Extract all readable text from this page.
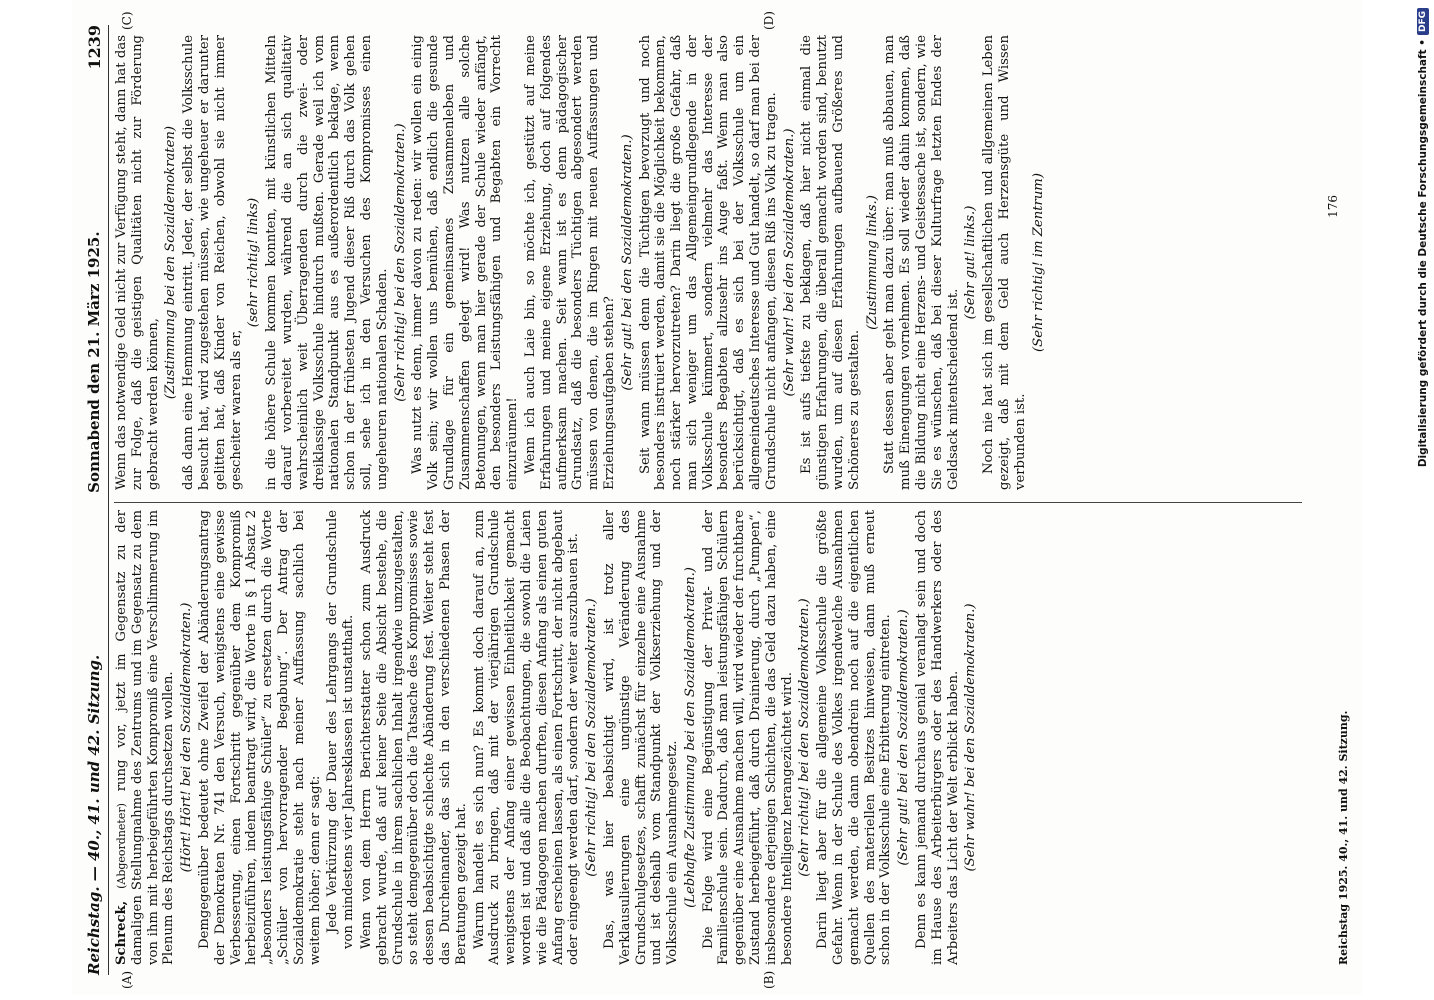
Reichstag. — 40., 41. und 42. Sitzung.
Sonnabend den 21. März 1925.
1239
(A)	(B)
(C)	(D)

Schreck, (Abgeordneter) rung vor, jetzt im Gegensatz zu der damaligen Stellungnahme des Zentrums und im Gegensatz zu dem von ihm mit herbeigeführten Kompromiß eine Verschlimmerung im Plenum des Reichstags durchsetzen wollen. (Hört! Hört! bei den Sozialdemokraten.) Demgegenüber bedeutet ohne Zweifel der Abänderungsantrag der Demokraten Nr. 741 den Versuch, wenigstens eine gewisse Verbesserung, einen Fortschritt gegenüber dem Kompromiß herbeizuführen, indem beantragt wird, die Worte in § 1 Absatz 2 „besonders leistungsfähige Schüler“ zu ersetzen durch die Worte „Schüler von hervorragender Begabung“. Der Antrag der Sozialdemokratie steht nach meiner Auffassung sachlich bei weitem höher; denn er sagt: Jede Verkürzung der Dauer des Lehrgangs der Grundschule von mindestens vier Jahresklassen ist unstatthaft. Wenn von dem Herrn Berichterstatter schon zum Ausdruck gebracht wurde, daß auf keiner Seite die Absicht bestehe, die Grundschule in ihrem sachlichen Inhalt irgendwie umzugestalten, so steht demgegenüber doch die Tatsache des Kompromisses sowie dessen beabsichtigte schlechte Abänderung fest. Weiter steht fest das Durcheinander, das sich in den verschiedenen Phasen der Beratungen gezeigt hat. Warum handelt es sich nun? Es kommt doch darauf an, zum Ausdruck zu bringen, daß mit der vierjährigen Grundschule wenigstens der Anfang einer gewissen Einheitlichkeit gemacht worden ist und daß alle die Beobachtungen, die sowohl die Laien wie die Pädagogen machen durften, diesen Anfang als einen guten Anfang erscheinen lassen, als einen Fortschritt, der nicht abgebaut oder eingeengt werden darf, sondern der weiter auszubauen ist. (Sehr richtig! bei den Sozialdemokraten.) Das, was hier beabsichtigt wird, ist trotz aller Verklausulierungen eine ungünstige Veränderung des Grundschulgesetzes, schafft zunächst für einzelne eine Ausnahme und ist deshalb vom Standpunkt der Volkserziehung und der Volksschule ein Ausnahmegesetz. (Lebhafte Zustimmung bei den Sozialdemokraten.) Die Folge wird eine Begünstigung der Privat- und der Familienschule sein. Dadurch, daß man leistungsfähigen Schülern gegenüber eine Ausnahme machen will, wird wieder der furchtbare Zustand herbeigeführt, daß durch Drainierung, durch „Pumpen“, insbesondere derjenigen Schichten, die das Geld dazu haben, eine besondere Intelligenz herangezüchtet wird. (Sehr richtig! bei den Sozialdemokraten.) Darin liegt aber für die allgemeine Volksschule die größte Gefahr. Wenn in der Schule des Volkes irgendwelche Ausnahmen gemacht werden, die dann obendrein noch auf die eigentlichen Quellen des materiellen Besitzes hinweisen, dann muß erneut schon in der Volksschule eine Erbitterung eintreten. (Sehr gut! bei den Sozialdemokraten.) Denn es kann jemand durchaus genial veranlagt sein und doch im Hause des Arbeiterbürgers oder des Handwerkers oder des Arbeiters das Licht der Welt erblickt haben. (Sehr wahr! bei den Sozialdemokraten.)

Wenn das notwendige Geld nicht zur Verfügung steht, dann hat das zur Folge, daß die geistigen Qualitäten nicht zur Förderung gebracht werden können,

(Zustimmung bei den Sozialdemokraten) daß dann eine Hemmung eintritt. Jeder, der selbst die Volksschule besucht hat, wird zugestehen müssen, wie ungeheuer er darunter gelitten hat, daß Kinder von Reichen, obwohl sie nicht immer gescheiter waren als er,

(sehr richtig! links) in die höhere Schule kommen konnten, mit künstlichen Mitteln darauf vorbereitet wurden, während die an sich qualitativ wahrscheinlich weit Überragenden durch die zwei- oder dreiklassige Volksschule hindurch mußten. Gerade weil ich vom nationalen Standpunkt aus es außerordentlich beklage, wenn schon in der frühesten Jugend dieser Riß durch das Volk gehen soll, sehe ich in den Versuchen des Kompromisses einen ungeheuren nationalen Schaden. (Sehr richtig! bei den Sozialdemokraten.) Was nutzt es denn, immer davon zu reden: wir wollen ein einig Volk sein; wir wollen uns bemühen, daß endlich die gesunde Grundlage für ein gemeinsames Zusammenleben und Zusammenschaffen gelegt wird! Was nutzen alle solche Betonungen, wenn man hier gerade der Schule wieder anfängt, den besonders Leistungsfähigen und Begabten ein Vorrecht einzuräumen! Wenn ich auch Laie bin, so möchte ich, gestützt auf meine Erfahrungen und meine eigene Erziehung, doch auf folgendes aufmerksam machen. Seit wann ist es denn pädagogischer Grundsatz, daß die besonders Tüchtigen abgesondert werden müssen von denen, die im Ringen mit neuen Auffassungen und Erziehungsaufgaben stehen?

(Sehr gut! bei den Sozialdemokraten.) Seit wann müssen denn die Tüchtigen bevorzugt und noch besonders instruiert werden, damit sie die Möglichkeit bekommen, noch stärker hervorzutreten? Darin liegt die große Gefahr, daß man sich weniger um das Allgemeingrundlegende in der Volksschule kümmert, sondern vielmehr das Interesse der besonders Begabten allzusehr ins Auge faßt. Wenn man also berücksichtigt, daß es sich bei der Volksschule um ein allgemeindeutsches Interesse und Gut handelt, so darf man bei der Grundschule nicht anfangen, diesen Riß ins Volk zu tragen. (Sehr wahr! bei den Sozialdemokraten.) Es ist aufs tiefste zu beklagen, daß hier nicht einmal die günstigen Erfahrungen, die überall gemacht worden sind, benutzt wurden, um auf diesen Erfahrungen aufbauend Größeres und Schöneres zu gestalten.

(Zustimmung links.) Statt dessen aber geht man dazu über: man muß abbauen, man muß Einengungen vornehmen. Es soll wieder dahin kommen, daß die Bildung nicht eine Herzens- und Geistessache ist, sondern, wie Sie es wünschen, daß bei dieser Kulturfrage letzten Endes der Geldsack mitentscheidend ist.

(Sehr gut! links.) Noch nie hat sich im gesellschaftlichen und allgemeinen Leben gezeigt, daß mit dem Geld auch Herzensgüte und Wissen verbunden ist.

(Sehr richtig! im Zentrum)

Reichstag 1925. 40., 41. und 42. Sitzung.
176	Digitalisierung gefördert durch die Deutsche Forschungsgemeinschaft •
DFG
